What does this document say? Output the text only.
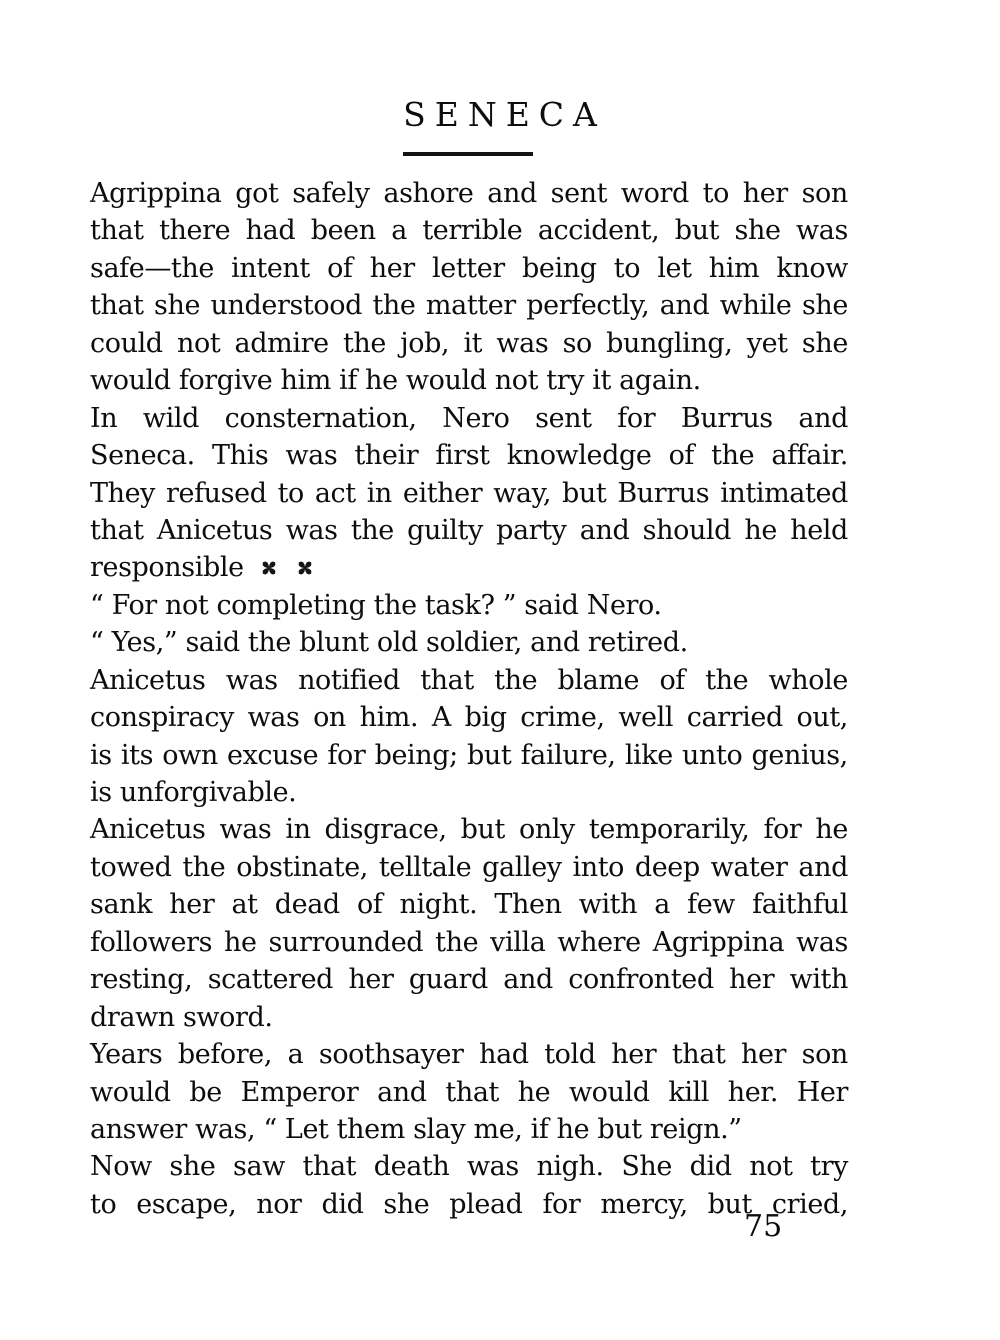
SENECA
Agrippina got safely ashore and sent word to her son
that there had been a terrible accident, but she was
safe—the intent of her letter being to let him know
that she understood the matter perfectly, and while she
could not admire the job, it was so bungling, yet she
would forgive him if he would not try it again.
In wild consternation, Nero sent for Burrus and
Seneca. This was their first knowledge of the affair.
They refused to act in either way, but Burrus intimated
that Anicetus was the guilty party and should he held
responsible
“ For not completing the task? ” said Nero.
“ Yes,” said the blunt old soldier, and retired.
Anicetus was notified that the blame of the whole
conspiracy was on him. A big crime, well carried out,
is its own excuse for being; but failure, like unto genius,
is unforgivable.
Anicetus was in disgrace, but only temporarily, for he
towed the obstinate, telltale galley into deep water and
sank her at dead of night. Then with a few faithful
followers he surrounded the villa where Agrippina was
resting, scattered her guard and confronted her with
drawn sword.
Years before, a soothsayer had told her that her son
would be Emperor and that he would kill her. Her
answer was, “ Let them slay me, if he but reign.”
Now she saw that death was nigh. She did not try
to escape, nor did she plead for mercy, but cried,
75
